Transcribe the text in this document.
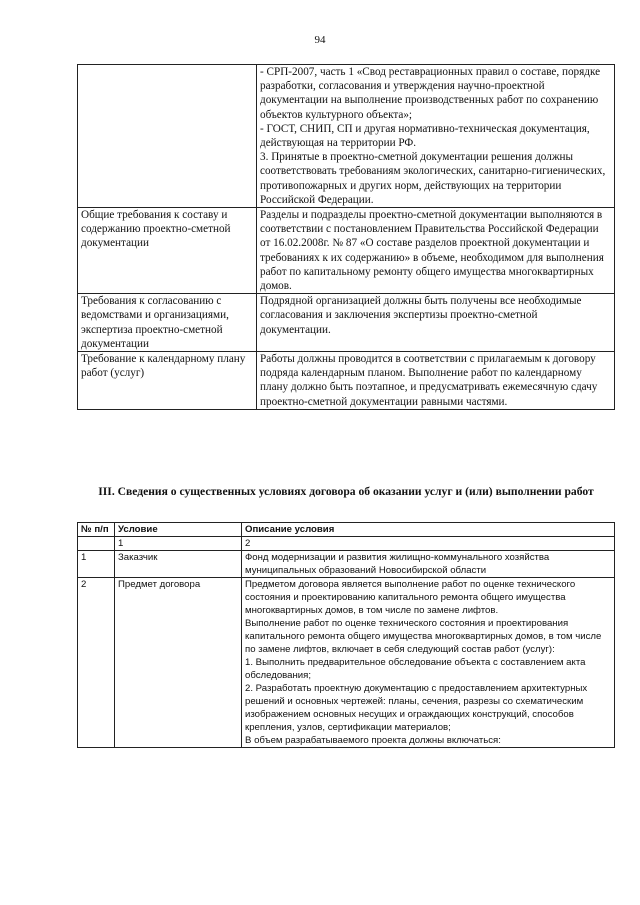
94

	- СРП-2007, часть 1 «Свод реставрационных правил о составе, порядке разработки, согласования и утверждения научно-проектной документации на выполнение производственных работ по сохранению объектов культурного объекта»;

- ГОСТ, СНИП, СП и другая нормативно-техническая документация, действующая на территории РФ.

3. Принятые в проектно-сметной документации решения должны соответствовать требованиям экологических, санитарно-гигиенических, противопожарных и других норм, действующих на территории Российской Федерации.

Общие требования к составу и содержанию проектно-сметной документации	Разделы и подразделы проектно-сметной документации выполняются в соответствии с постановлением Правительства Российской Федерации от 16.02.2008г. № 87 «О составе разделов проектной документации и требованиях к их содержанию» в объеме, необходимом для выполнения работ по капитальному ремонту общего имущества многоквартирных домов.

Требования к согласованию с ведомствами и организациями, экспертиза проектно-сметной документации	Подрядной организацией должны быть получены все необходимые согласования и заключения экспертизы проектно-сметной документации.

Требование к календарному плану работ (услуг)	Работы должны проводится в соответствии с прилагаемым к договору подряда календарным планом. Выполнение работ по календарному плану должно быть поэтапное, и предусматривать ежемесячную сдачу проектно-сметной документации равными частями.

III. Сведения о существенных условиях договора об оказании услуг и (или) выполнении работ
№ п/п	Условие	Описание условия
	1	2
1	Заказчик	Фонд модернизации и развития жилищно-коммунального хозяйства муниципальных образований Новосибирской области

2	Предмет договора	Предметом договора является выполнение работ по оценке технического состояния и проектированию капитального ремонта общего имущества многоквартирных домов, в том числе по замене лифтов.

Выполнение работ по оценке технического состояния и проектирования капитального ремонта общего имущества многоквартирных домов, в том числе по замене лифтов, включает в себя следующий состав работ (услуг):

1. Выполнить предварительное обследование объекта с составлением акта обследования;

2. Разработать проектную документацию с предоставлением архитектурных решений и основных чертежей: планы, сечения, разрезы со схематическим изображением основных несущих и ограждающих конструкций, способов крепления, узлов, сертификации материалов;

В объем разрабатываемого проекта должны включаться:
